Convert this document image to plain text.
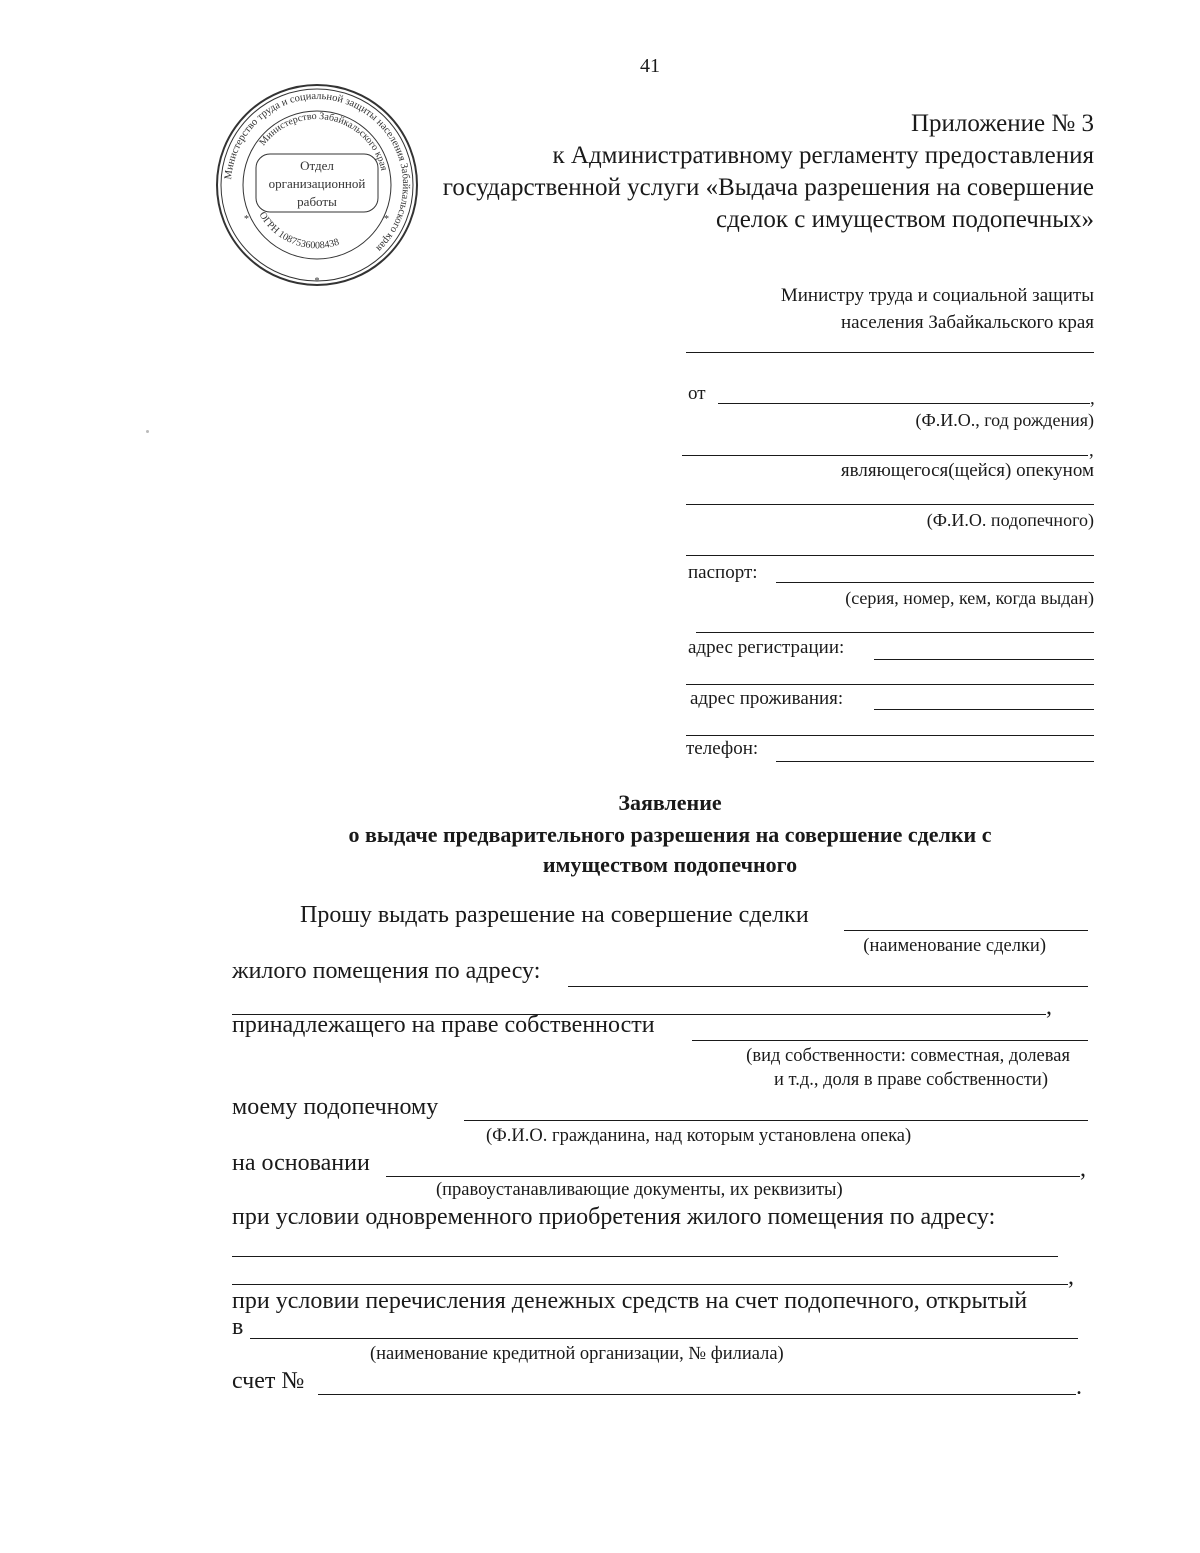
41
Министерство труда и социальной защиты населения Забайкальского края
Министерство Забайкальского края
ОГРН 1087536008438
Отдел
организационной
работы
*
*	*
Приложение № 3
к Административному регламенту предоставления
государственной услуги «Выдача разрешения на совершение
сделок с имуществом подопечных»
Министру труда и социальной защиты
населения Забайкальского края
от	,
(Ф.И.О., год рождения)
,
являющегося(щейся) опекуном
(Ф.И.О. подопечного)
паспорт:
(серия, номер, кем, когда выдан)
адрес регистрации:
адрес проживания:
телефон:
Заявление
о выдаче предварительного разрешения на совершение сделки с
имуществом подопечного
Прошу выдать разрешение на совершение сделки
(наименование сделки)
жилого помещения по адресу:
,
принадлежащего на праве собственности
(вид собственности: совместная, долевая
и т.д., доля в праве собственности)
моему подопечному
(Ф.И.О. гражданина, над которым установлена опека)
на основании	,
(правоустанавливающие документы, их реквизиты)
при условии одновременного приобретения жилого помещения по адресу:
,
при условии перечисления денежных средств на счет подопечного, открытый
в
(наименование кредитной организации, № филиала)
счет №	.
